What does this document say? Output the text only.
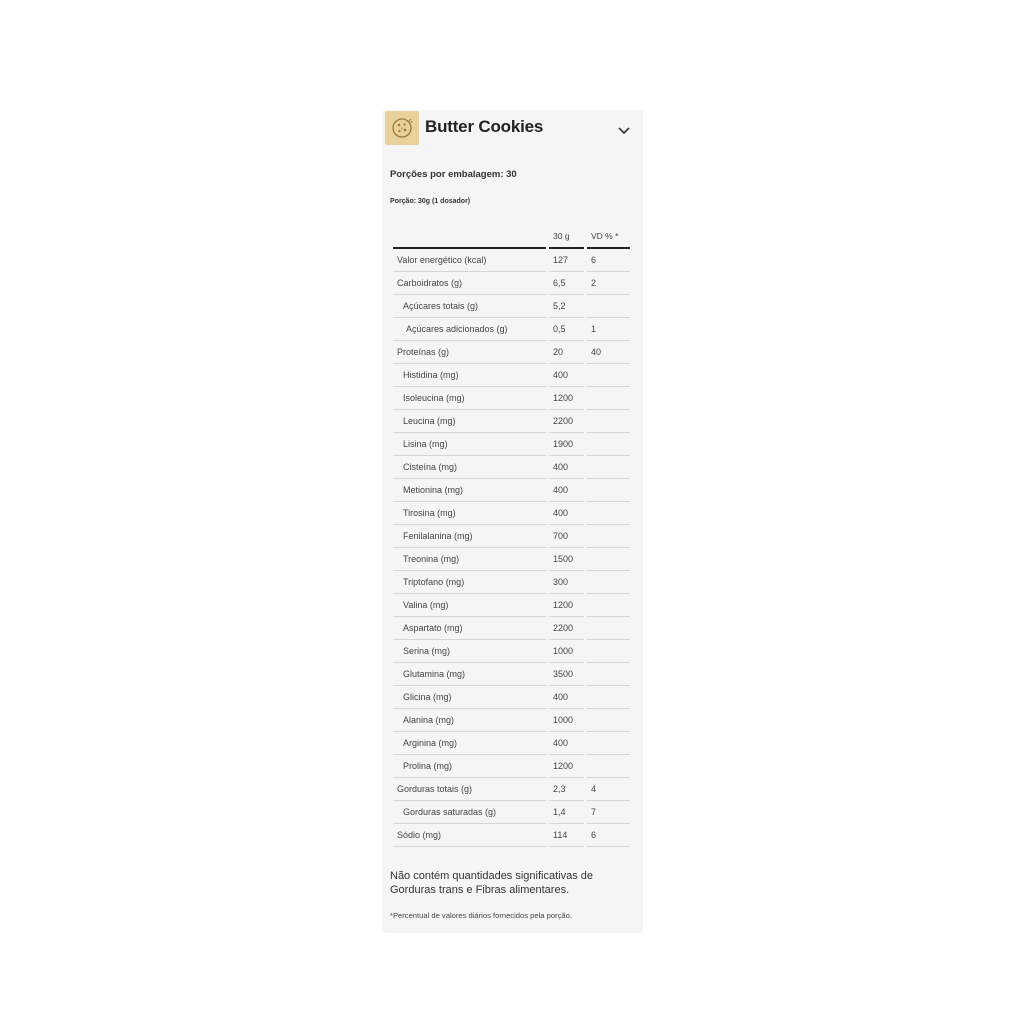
Butter Cookies
Porções por embalagem: 30
Porção: 30g (1 dosador)
	30 g	VD % *
Valor energético (kcal)	127	6
Carboidratos (g)	6,5	2
Açúcares totais (g)	5,2	
Açúcares adicionados (g)	0,5	1
Proteínas (g)	20	40
Histidina (mg)	400	
Isoleucina (mg)	1200	
Leucina (mg)	2200	
Lisina (mg)	1900	
Cisteína (mg)	400	
Metionina (mg)	400	
Tirosina (mg)	400	
Fenilalanina (mg)	700	
Treonina (mg)	1500	
Triptofano (mg)	300	
Valina (mg)	1200	
Aspartato (mg)	2200	
Serina (mg)	1000	
Glutamina (mg)	3500	
Glicina (mg)	400	
Alanina (mg)	1000	
Arginina (mg)	400	
Prolina (mg)	1200	
Gorduras totais (g)	2,3	4
Gorduras saturadas (g)	1,4	7
Sódio (mg)	114	6
Não contém quantidades significativas de Gorduras trans e Fibras alimentares.
*Percentual de valores diários fornecidos pela porção.
